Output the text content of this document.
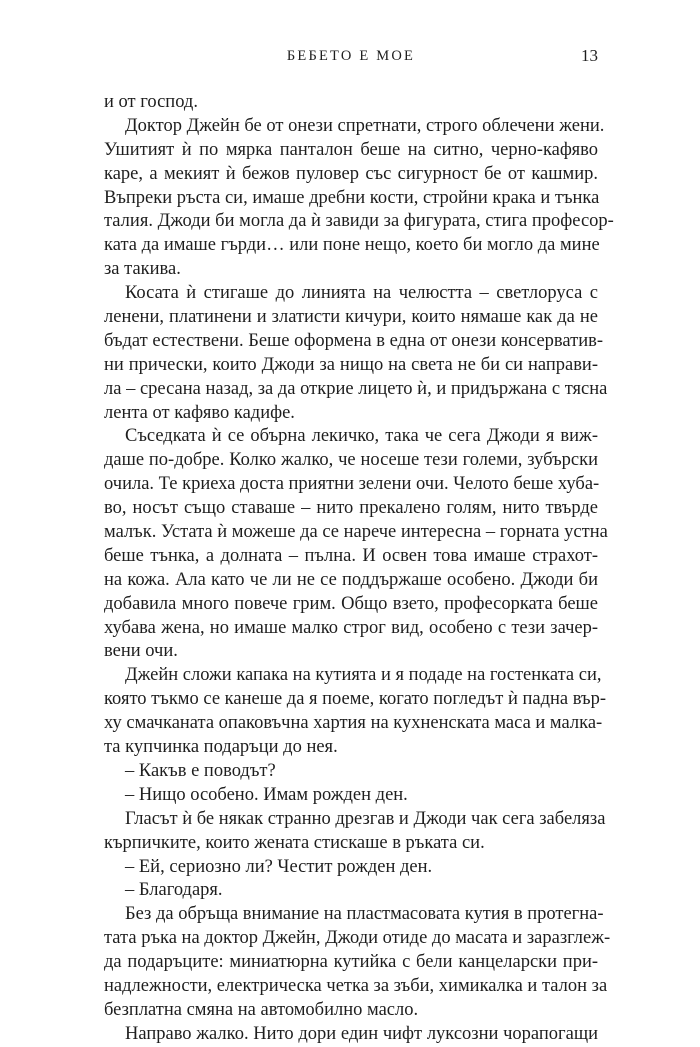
БЕБЕТО Е МОЕ	13
и от господ.
Доктор Джейн бе от онези спретнати, строго облечени жени.
Ушитият ѝ по мярка панталон беше на ситно, черно-кафяво
каре, а мекият ѝ бежов пуловер със сигурност бе от кашмир.
Въпреки ръста си, имаше дребни кости, стройни крака и тънка
талия. Джоди би могла да ѝ завиди за фигурата, стига професор-
ката да имаше гърди… или поне нещо, което би могло да мине
за такива.
Косата ѝ стигаше до линията на челюстта – светлоруса с
ленени, платинени и златисти кичури, които нямаше как да не
бъдат естествени. Беше оформена в една от онези консерватив-
ни прически, които Джоди за нищо на света не би си направи-
ла – сресана назад, за да открие лицето ѝ, и придържана с тясна
лента от кафяво кадифе.
Съседката ѝ се обърна лекичко, така че сега Джоди я виж-
даше по-добре. Колко жалко, че носеше тези големи, зубърски
очила. Те криеха доста приятни зелени очи. Челото беше хуба-
во, носът също ставаше – нито прекалено голям, нито твърде
малък. Устата ѝ можеше да се нарече интересна – горната устна
беше тънка, а долната – пълна. И освен това имаше страхот-
на кожа. Ала като че ли не се поддържаше особено. Джоди би
добавила много повече грим. Общо взето, професорката беше
хубава жена, но имаше малко строг вид, особено с тези зачер-
вени очи.
Джейн сложи капака на кутията и я подаде на гостенката си,
която тъкмо се канеше да я поеме, когато погледът ѝ падна вър-
ху смачканата опаковъчна хартия на кухненската маса и малка-
та купчинка подаръци до нея.
– Какъв е поводът?
– Нищо особено. Имам рожден ден.
Гласът ѝ бе някак странно дрезгав и Джоди чак сега забеляза
кърпичките, които жената стискаше в ръката си.
– Ей, сериозно ли? Честит рожден ден.
– Благодаря.
Без да обръща внимание на пластмасовата кутия в протегна-
тата ръка на доктор Джейн, Джоди отиде до масата и заразглеж-
да подаръците: миниатюрна кутийка с бели канцеларски при-
надлежности, електрическа четка за зъби, химикалка и талон за
безплатна смяна на автомобилно масло.
Направо жалко. Нито дори един чифт луксозни чорапогащи
